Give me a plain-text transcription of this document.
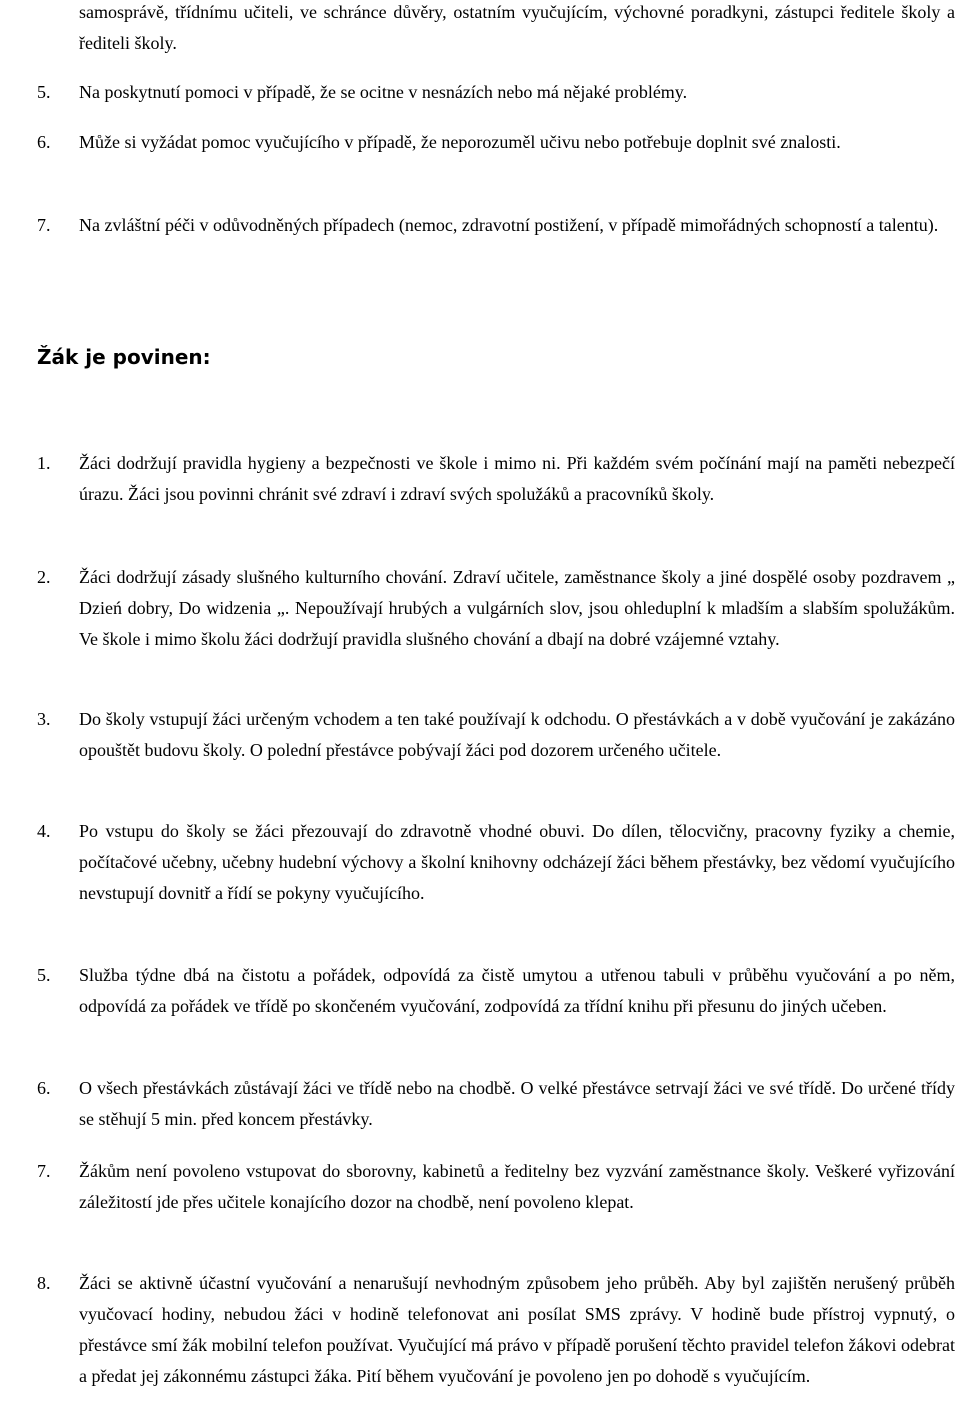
samosprávě, třídnímu učiteli, ve schránce důvěry, ostatním vyučujícím, výchovné poradkyni, zástupci ředitele školy a řediteli školy.
5. Na poskytnutí pomoci v případě, že se ocitne v nesnázích nebo má nějaké problémy.
6. Může si vyžádat pomoc vyučujícího v případě, že neporozuměl učivu nebo potřebuje doplnit své znalosti.
7. Na zvláštní péči v odůvodněných případech (nemoc, zdravotní postižení, v případě mimořádných schopností a talentu).
Žák je povinen:
1. Žáci dodržují pravidla hygieny a bezpečnosti ve škole i mimo ni. Při každém svém počínání mají na paměti nebezpečí úrazu. Žáci jsou povinni chránit své zdraví i zdraví svých spolužáků a pracovníků školy.
2. Žáci dodržují zásady slušného kulturního chování. Zdraví učitele, zaměstnance školy a jiné dospělé osoby pozdravem „ Dzień dobry, Do widzenia „. Nepoužívají hrubých a vulgárních slov, jsou ohleduplní k mladším a slabším spolužákům. Ve škole i mimo školu žáci dodržují pravidla slušného chování a dbají na dobré vzájemné vztahy.
3. Do školy vstupují žáci určeným vchodem a ten také používají k odchodu. O přestávkách a v době vyučování je zakázáno opouštět budovu školy. O polední přestávce pobývají žáci pod dozorem určeného učitele.
4. Po vstupu do školy se žáci přezouvají do zdravotně vhodné obuvi. Do dílen, tělocvičny, pracovny fyziky a chemie, počítačové učebny, učebny hudební výchovy a školní knihovny odcházejí žáci během přestávky, bez vědomí vyučujícího nevstupují dovnitř a řídí se pokyny vyučujícího.
5. Služba týdne dbá na čistotu a pořádek, odpovídá za čistě umytou a utřenou tabuli v průběhu vyučování a po něm, odpovídá za pořádek ve třídě po skončeném vyučování, zodpovídá za třídní knihu při přesunu do jiných učeben.
6. O všech přestávkách zůstávají žáci ve třídě nebo na chodbě. O velké přestávce setrvají žáci ve své třídě. Do určené třídy se stěhují 5 min. před koncem přestávky.
7. Žákům není povoleno vstupovat do sborovny, kabinetů a ředitelny bez vyzvání zaměstnance školy. Veškeré vyřizování záležitostí jde přes učitele konajícího dozor na chodbě, není povoleno klepat.
8. Žáci se aktivně účastní vyučování a nenarušují nevhodným způsobem jeho průběh. Aby byl zajištěn nerušený průběh vyučovací hodiny, nebudou žáci v hodině telefonovat ani posílat SMS zprávy. V hodině bude přístroj vypnutý, o přestávce smí žák mobilní telefon používat. Vyučující má právo v případě porušení těchto pravidel telefon žákovi odebrat a předat jej zákonnému zástupci žáka. Pití během vyučování je povoleno jen po dohodě s vyučujícím.
